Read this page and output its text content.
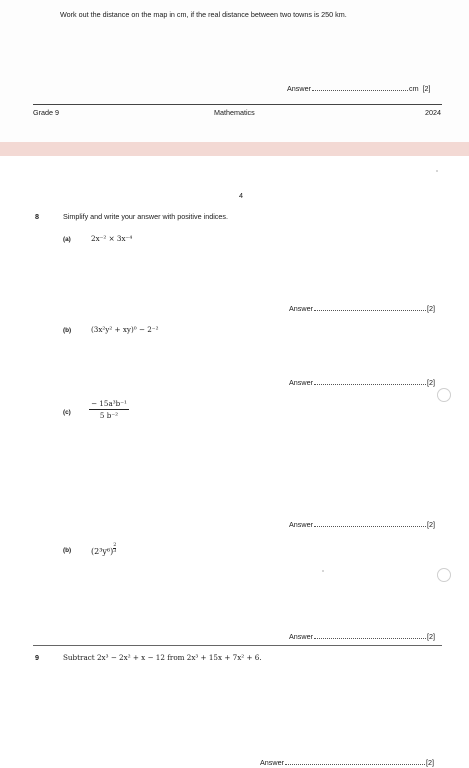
Work out the distance on the map in cm, if the real distance between two towns is 250 km.
Answer	cm [2]
Grade 9	Mathematics	2024
4
8	Simplify and write your answer with positive indices.
(a)	2x⁻² × 3x⁻⁴
Answer	[2]
(b)	(3x²y² + xy)⁰ − 2⁻²
Answer	[2]
(c)	$\frac{\text{− 15a³b⁻¹}}{\text{5 b⁻²}}$
Answer	[2]
(b) (2³y⁶) $^{\frac{2}{3}}$
Answer	[2]
9	Subtract 2x³ − 2x² + x − 12 from 2x³ + 15x + 7x² + 6.
Answer	[2]
